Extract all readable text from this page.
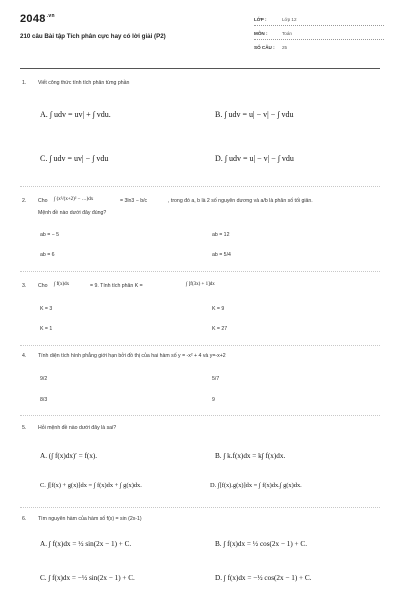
$2048^{.vn}$
210 câu Bài tập Tích phân cực hay có lời giải (P2)
LỚP :	Lớp 12
MÔN :	Toán
SỐ CÂU : 25
1. Viết công thức tính tích phân từng phần
A. ∫ udv = uv| + ∫ vdu.	B. ∫ udv = u| − v| − ∫ vdu
C. ∫ udv = uv| − ∫ vdu	D. ∫ udv = u| − v| − ∫ vdu
2. Cho ∫ (x²/(x+2)² − …)dx	= 3ln3 − b/c	, trong đó a, b là 2 số nguyên dương và a/b là phân số tối giản.
Mệnh đề nào dưới đây đúng?
ab = − 5	ab = 12
ab = 6	ab = 5/4
3. Cho ∫ f(x)dx	= 9. Tính tích phân K =	∫ [f(3x) + 1]dx
K = 3	K = 9
K = 1	K = 27
4. Tính diện tích hình phẳng giới hạn bởi đồ thị của hai hàm số y = -x² + 4 và y=-x+2
9/2	5/7
8/3	9
5. Hỏi mệnh đề nào dưới đây là sai?
A. (∫ f(x)dx)′ = f(x).	B. ∫ k.f(x)dx = k∫ f(x)dx.
C. ∫[f(x) + g(x)]dx = ∫ f(x)dx + ∫ g(x)dx.	D. ∫[f(x).g(x)]dx = ∫ f(x)dx.∫ g(x)dx.
6. Tìm nguyên hàm của hàm số f(x) = sin (2x-1)
A. ∫ f(x)dx = ½ sin(2x − 1) + C.	B. ∫ f(x)dx = ½ cos(2x − 1) + C.
C. ∫ f(x)dx = −½ sin(2x − 1) + C.	D. ∫ f(x)dx = −½ cos(2x − 1) + C.
